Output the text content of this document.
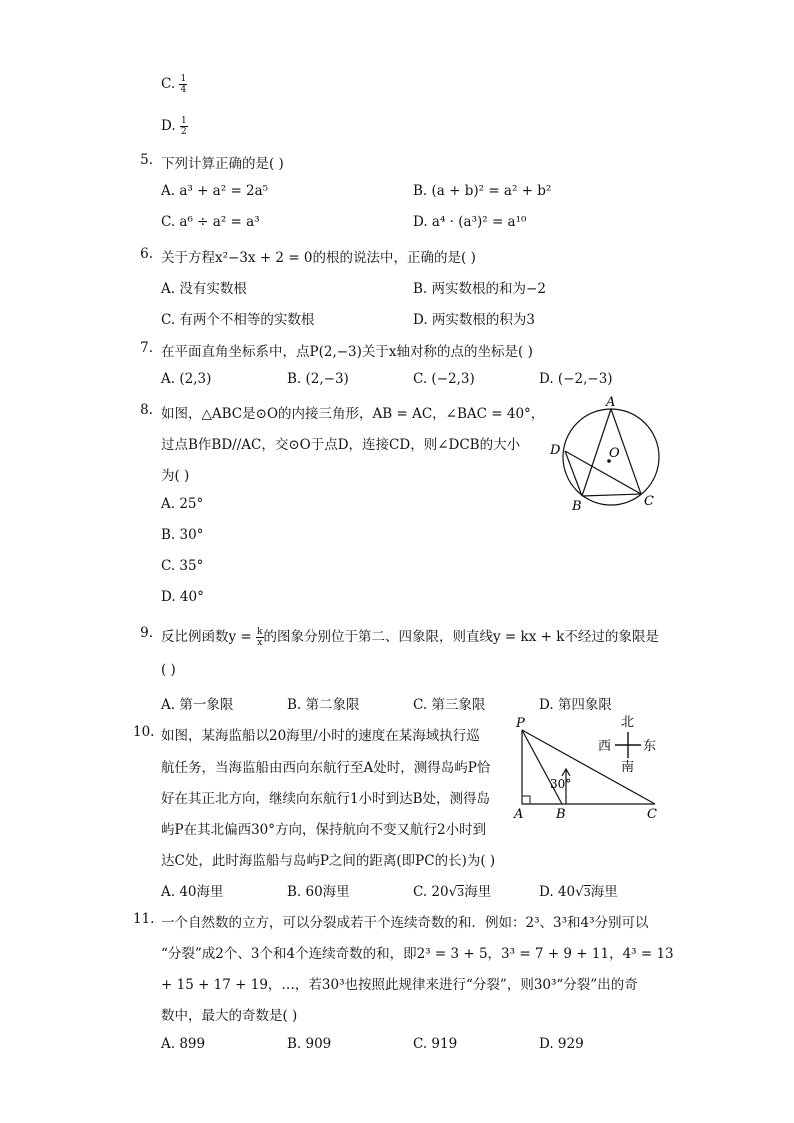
C. $\frac{1}{4}$
D. $\frac{1}{2}$
5. 下列计算正确的是( )
A. a³ + a² = 2a⁵	B. (a + b)² = a² + b²
C. a⁶ ÷ a² = a³	D. a⁴ · (a³)² = a¹⁰
6. 关于方程x²−3x + 2 = 0的根的说法中，正确的是( )
A. 没有实数根	B. 两实数根的和为−2
C. 有两个不相等的实数根	D. 两实数根的积为3
7. 在平面直角坐标系中，点P(2,−3)关于x轴对称的点的坐标是( )
A. (2,3)	B. (2,−3)	C. (−2,3)	D. (−2,−3)
8. 如图，△ABC是⊙O的内接三角形，AB = AC，∠BAC = 40°，
过点B作BD//AC，交⊙O于点D，连接CD，则∠DCB的大小
为( )
A. 25°
B. 30°
C. 35°
D. 40°
A
B	C
D	O
9. 反比例函数$y = \frac{k}{x}$ 的图象分别位于第二、四象限，则直线y = kx + k不经过的象限是
( )
A. 第一象限	B. 第二象限	C. 第三象限	D. 第四象限
10. 如图，某海监船以20海里/小时的速度在某海域执行巡
航任务，当海监船由西向东航行至A处时，测得岛屿P恰
好在其正北方向，继续向东航行1小时到达B处，测得岛
屿P在其北偏西30°方向，保持航向不变又航行2小时到
达C处，此时海监船与岛屿P之间的距离(即PC的长)为( )
A. 40海里	B. 60海里	C. 20√3海里	D. 40√3海里
30°
P
A	B	C
北
南
西 东
11. 一个自然数的立方，可以分裂成若干个连续奇数的和．例如：2³、3³和4³分别可以
“分裂”成2个、3个和4个连续奇数的和，即2³ = 3 + 5，3³ = 7 + 9 + 11，4³ = 13
+ 15 + 17 + 19，…，若30³也按照此规律来进行“分裂”，则30³“分裂”出的奇
数中，最大的奇数是( )
A. 899	B. 909	C. 919	D. 929
